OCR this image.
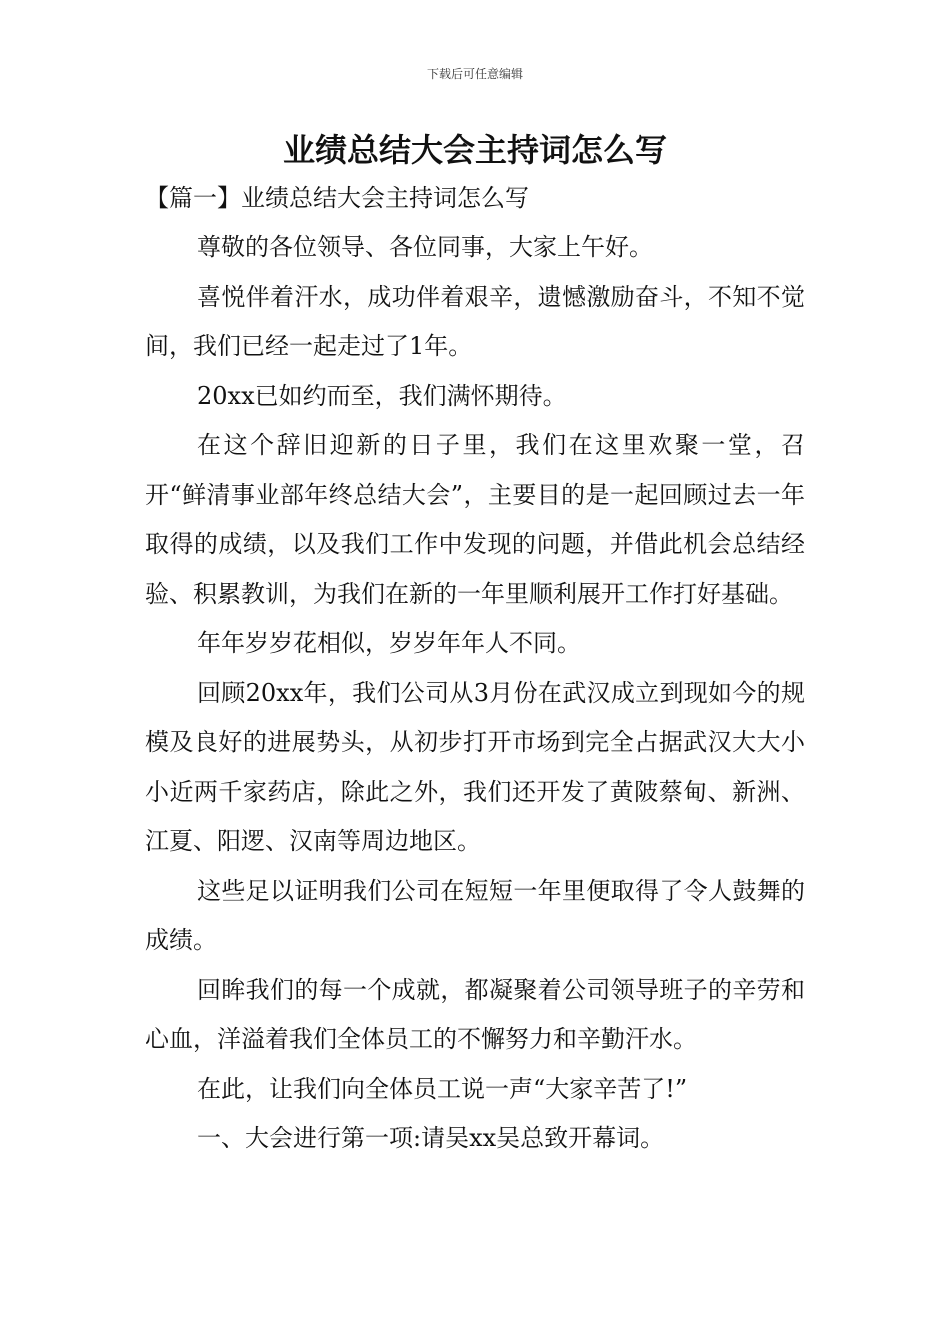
下载后可任意编辑
业绩总结大会主持词怎么写

【篇一】业绩总结大会主持词怎么写

尊敬的各位领导、各位同事，大家上午好。

喜悦伴着汗水，成功伴着艰辛，遗憾激励奋斗，不知不觉间，我们已经一起走过了1年。

20xx已如约而至，我们满怀期待。

在这个辞旧迎新的日子里，我们在这里欢聚一堂，召开“鲜清事业部年终总结大会”，主要目的是一起回顾过去一年取得的成绩，以及我们工作中发现的问题，并借此机会总结经验、积累教训，为我们在新的一年里顺利展开工作打好基础。

年年岁岁花相似，岁岁年年人不同。

回顾20xx年，我们公司从3月份在武汉成立到现如今的规模及良好的进展势头，从初步打开市场到完全占据武汉大大小小近两千家药店，除此之外，我们还开发了黄陂蔡甸、新洲、江夏、阳逻、汉南等周边地区。

这些足以证明我们公司在短短一年里便取得了令人鼓舞的成绩。

回眸我们的每一个成就，都凝聚着公司领导班子的辛劳和心血，洋溢着我们全体员工的不懈努力和辛勤汗水。

在此，让我们向全体员工说一声“大家辛苦了!”

一、大会进行第一项:请吴xx吴总致开幕词。
